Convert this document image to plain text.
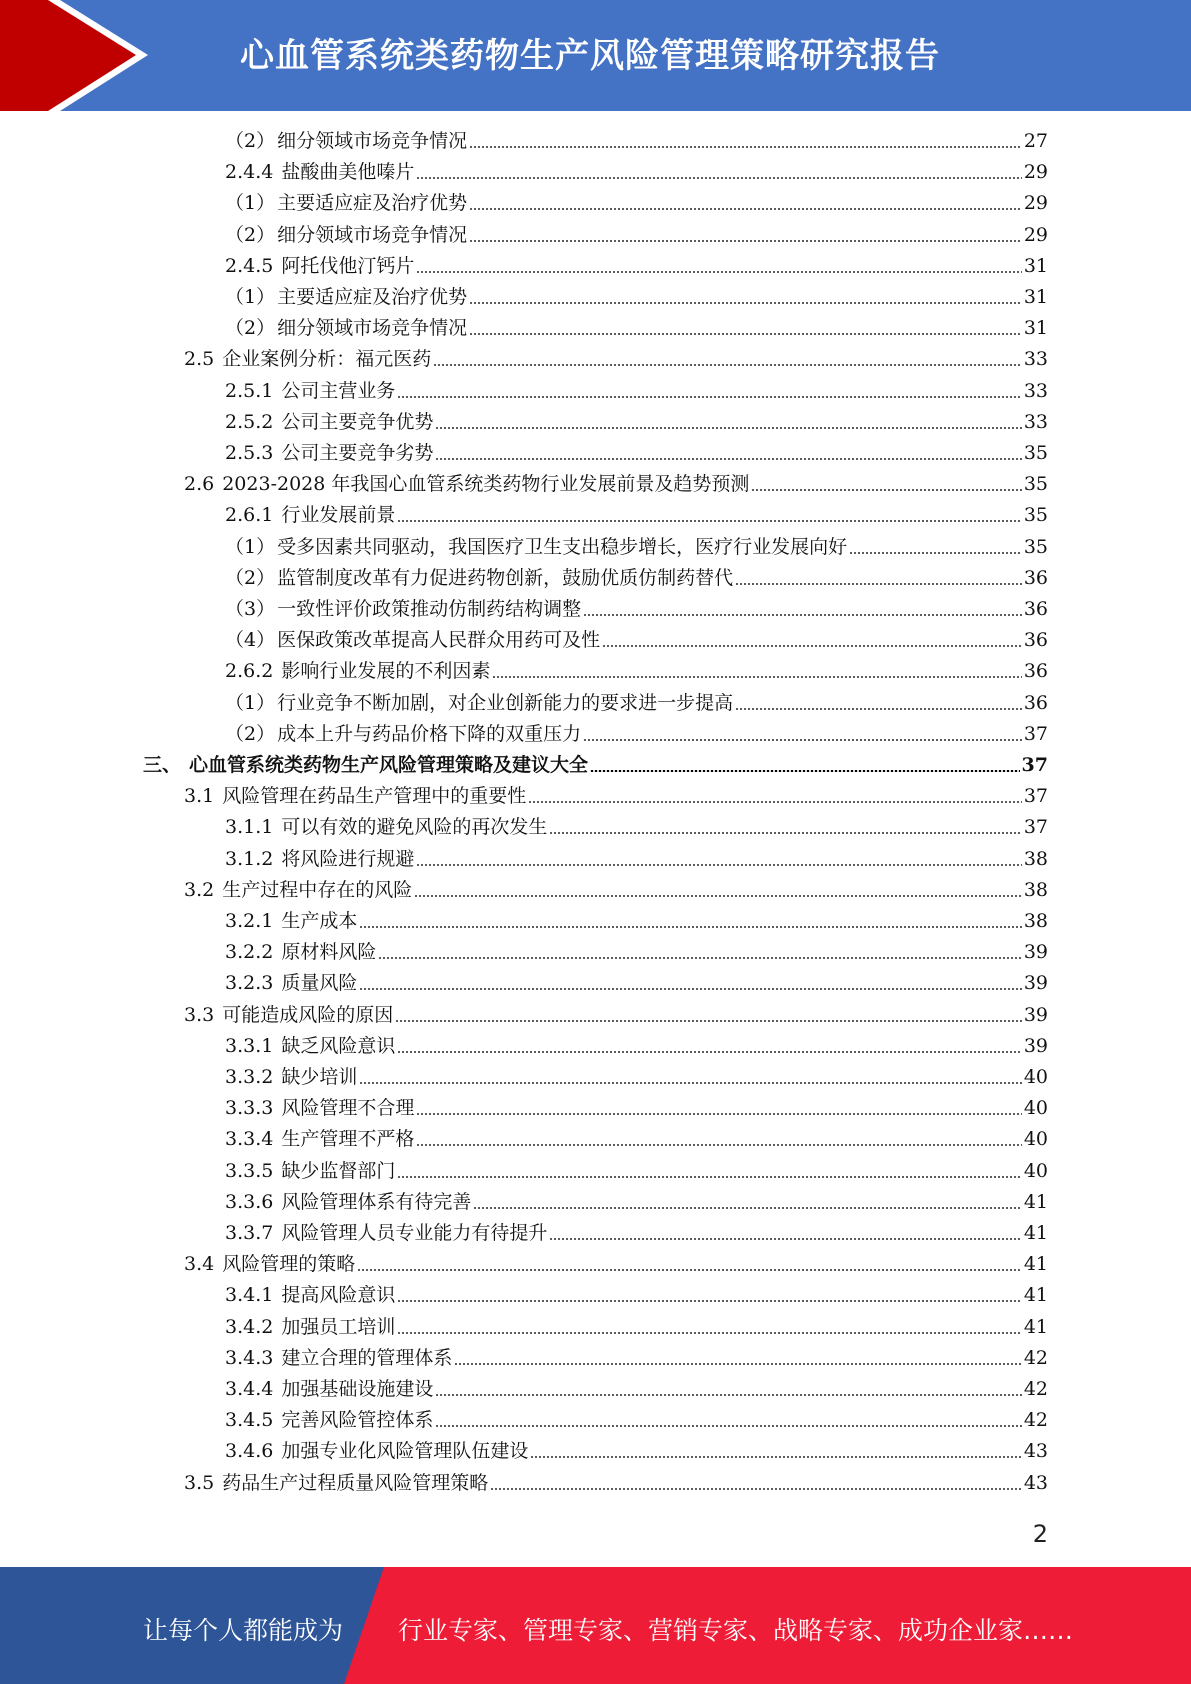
心血管系统类药物生产风险管理策略研究报告
（2） 细分领域市场竞争情况	27
2.4.4 盐酸曲美他嗪片	29
（1） 主要适应症及治疗优势	29
（2） 细分领域市场竞争情况	29
2.4.5 阿托伐他汀钙片	31
（1） 主要适应症及治疗优势	31
（2） 细分领域市场竞争情况	31
2.5 企业案例分析：福元医药	33
2.5.1 公司主营业务	33
2.5.2 公司主要竞争优势	33
2.5.3 公司主要竞争劣势	35
2.6 2023-2028 年我国心血管系统类药物行业发展前景及趋势预测	35
2.6.1 行业发展前景	35
（1） 受多因素共同驱动，我国医疗卫生支出稳步增长，医疗行业发展向好	35
（2） 监管制度改革有力促进药物创新，鼓励优质仿制药替代	36
（3） 一致性评价政策推动仿制药结构调整	36
（4） 医保政策改革提高人民群众用药可及性	36
2.6.2 影响行业发展的不利因素	36
（1） 行业竞争不断加剧，对企业创新能力的要求进一步提高	36
（2） 成本上升与药品价格下降的双重压力	37
三、 心血管系统类药物生产风险管理策略及建议大全	37
3.1 风险管理在药品生产管理中的重要性	37
3.1.1 可以有效的避免风险的再次发生	37
3.1.2 将风险进行规避	38
3.2 生产过程中存在的风险	38
3.2.1 生产成本	38
3.2.2 原材料风险	39
3.2.3 质量风险	39
3.3 可能造成风险的原因	39
3.3.1 缺乏风险意识	39
3.3.2 缺少培训	40
3.3.3 风险管理不合理	40
3.3.4 生产管理不严格	40
3.3.5 缺少监督部门	40
3.3.6 风险管理体系有待完善	41
3.3.7 风险管理人员专业能力有待提升	41
3.4 风险管理的策略	41
3.4.1 提高风险意识	41
3.4.2 加强员工培训	41
3.4.3 建立合理的管理体系	42
3.4.4 加强基础设施建设	42
3.4.5 完善风险管控体系	42
3.4.6 加强专业化风险管理队伍建设	43
3.5 药品生产过程质量风险管理策略	43
2
让每个人都能成为 行业专家、管理专家、营销专家、战略专家、成功企业家……
